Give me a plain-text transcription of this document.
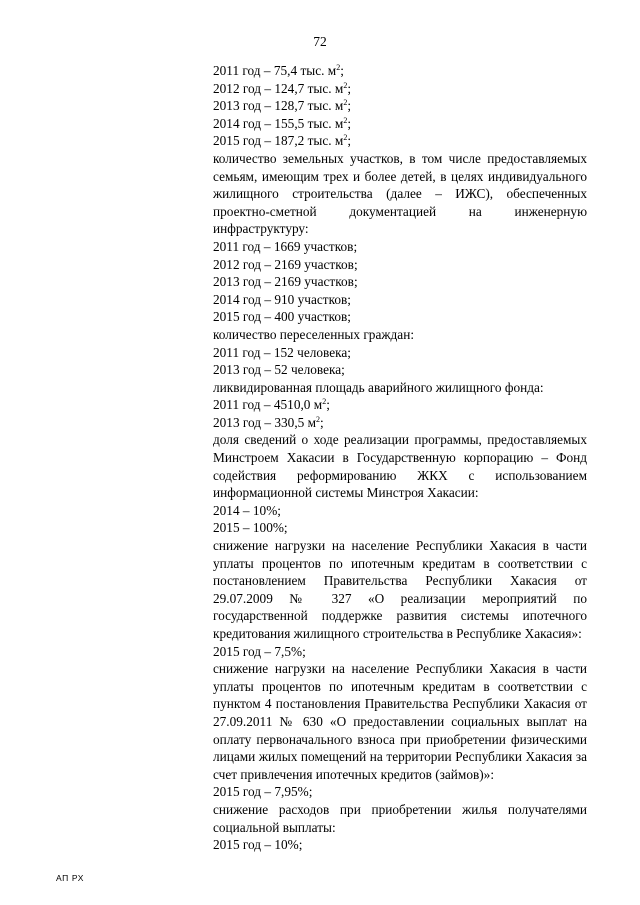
72
2011 год – 75,4 тыс. $м^2$;
2012 год – 124,7 тыс. $м^2$;
2013 год – 128,7 тыс. $м^2$;
2014 год – 155,5 тыс. $м^2$;
2015 год – 187,2 тыс. $м^2$;
количество земельных участков, в том числе предоставляемых семьям, имеющим трех и более детей, в целях индивидуального жилищного строительства (далее – ИЖС), обеспеченных проектно-сметной документацией на инженерную инфраструктуру:
2011 год – 1669 участков;
2012 год – 2169 участков;
2013 год – 2169 участков;
2014 год – 910 участков;
2015 год – 400 участков;
количество переселенных граждан:
2011 год – 152 человека;
2013 год – 52 человека;
ликвидированная площадь аварийного жилищного фонда:
2011 год – 4510,0 $м^2$;
2013 год – 330,5 $м^2$;
доля сведений о ходе реализации программы, предоставляемых Минстроем Хакасии в Государственную корпорацию – Фонд содействия реформированию ЖКХ с использованием информационной системы Минстроя Хакасии:
2014 – 10%;
2015 – 100%;
снижение нагрузки на население Республики Хакасия в части уплаты процентов по ипотечным кредитам в соответствии с постановлением Правительства Республики Хакасия от 29.07.2009 № 327 «О реализации мероприятий по государственной поддержке развития системы ипотечного кредитования жилищного строительства в Республике Хакасия»:
2015 год – 7,5%;
снижение нагрузки на население Республики Хакасия в части уплаты процентов по ипотечным кредитам в соответствии с пунктом 4 постановления Правительства Республики Хакасия от 27.09.2011 № 630 «О предоставлении социальных выплат на оплату первоначального взноса при приобретении физическими лицами жилых помещений на территории Республики Хакасия за счет привлечения ипотечных кредитов (займов)»:
2015 год – 7,95%;
снижение расходов при приобретении жилья получателями социальной выплаты:
2015 год – 10%;
АП РХ
